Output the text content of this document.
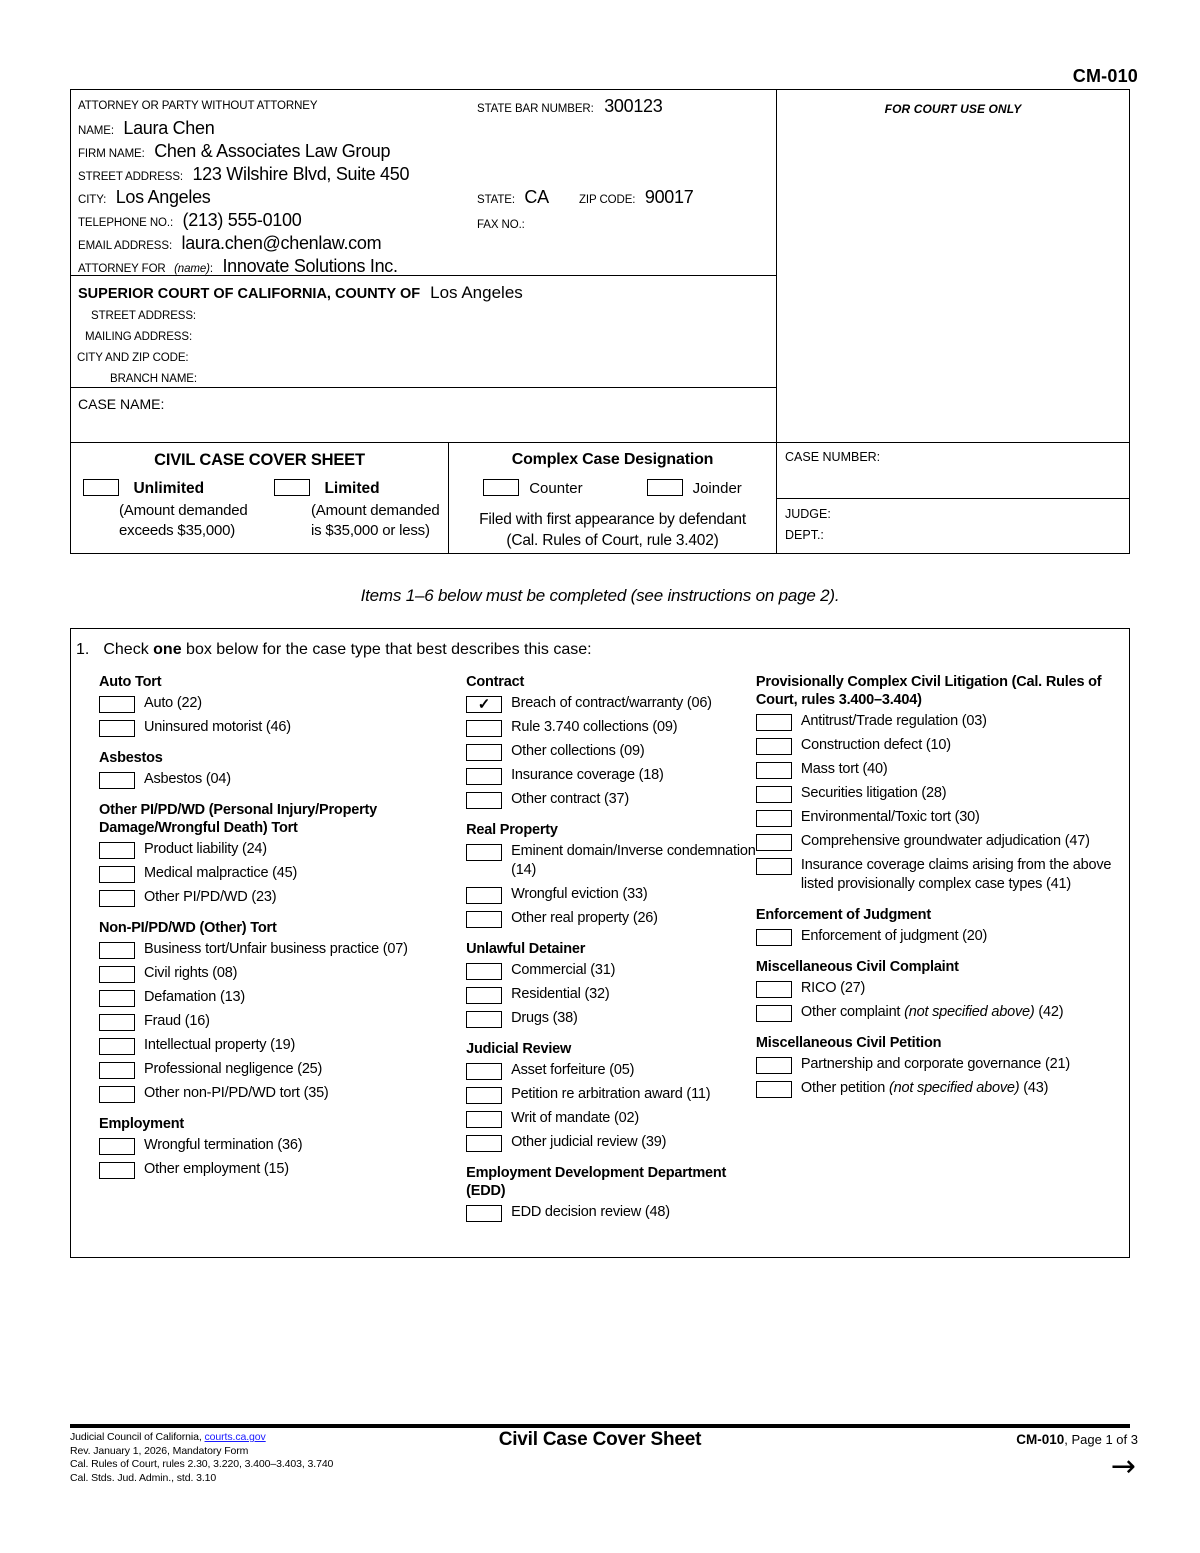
CM-010
ATTORNEY OR PARTY WITHOUT ATTORNEY	STATE BAR NUMBER: 300123
NAME: Laura Chen
FIRM NAME: Chen & Associates Law Group
STREET ADDRESS: 123 Wilshire Blvd, Suite 450
CITY: Los Angeles	STATE: CA	ZIP CODE: 90017
TELEPHONE NO.: (213) 555-0100	FAX NO.:
EMAIL ADDRESS: laura.chen@chenlaw.com
ATTORNEY FOR (name): Innovate Solutions Inc.
SUPERIOR COURT OF CALIFORNIA, COUNTY OF Los Angeles
STREET ADDRESS:
MAILING ADDRESS:
CITY AND ZIP CODE:
BRANCH NAME:
CASE NAME:
FOR COURT USE ONLY
CIVIL CASE COVER SHEET
Unlimited
(Amount demanded exceeds $35,000)
Limited
(Amount demanded is $35,000 or less)
Complex Case Designation
Counter	Joinder
Filed with first appearance by defendant
(Cal. Rules of Court, rule 3.402)
CASE NUMBER:
JUDGE:
DEPT.:
Items 1–6 below must be completed (see instructions on page 2).
1. Check one box below for the case type that best describes this case:
Auto Tort
Auto (22)
Uninsured motorist (46)
Asbestos
Asbestos (04)
Other PI/PD/WD (Personal Injury/Property Damage/Wrongful Death) Tort
Product liability (24)
Medical malpractice (45)
Other PI/PD/WD (23)
Non-PI/PD/WD (Other) Tort
Business tort/Unfair business practice (07)
Civil rights (08)
Defamation (13)
Fraud (16)
Intellectual property (19)
Professional negligence (25)
Other non-PI/PD/WD tort (35)
Employment
Wrongful termination (36)
Other employment (15)
Contract
✓
Breach of contract/warranty (06)
Rule 3.740 collections (09)
Other collections (09)
Insurance coverage (18)
Other contract (37)
Real Property
Eminent domain/Inverse condemnation (14)
Wrongful eviction (33)
Other real property (26)
Unlawful Detainer
Commercial (31)
Residential (32)
Drugs (38)
Judicial Review
Asset forfeiture (05)
Petition re arbitration award (11)
Writ of mandate (02)
Other judicial review (39)
Employment Development Department (EDD)
EDD decision review (48)
Provisionally Complex Civil Litigation (Cal. Rules of Court, rules 3.400–3.404)
Antitrust/Trade regulation (03)
Construction defect (10)
Mass tort (40)
Securities litigation (28)
Environmental/Toxic tort (30)
Comprehensive groundwater adjudication (47)
Insurance coverage claims arising from the above listed provisionally complex case types (41)
Enforcement of Judgment
Enforcement of judgment (20)
Miscellaneous Civil Complaint
RICO (27)
Other complaint (not specified above) (42)
Miscellaneous Civil Petition
Partnership and corporate governance (21)
Other petition (not specified above) (43)
Judicial Council of California, courts.ca.gov
Rev. January 1, 2026, Mandatory Form
Cal. Rules of Court, rules 2.30, 3.220, 3.400–3.403, 3.740
Cal. Stds. Jud. Admin., std. 3.10
Civil Case Cover Sheet	CM-010, Page 1 of 3
→
